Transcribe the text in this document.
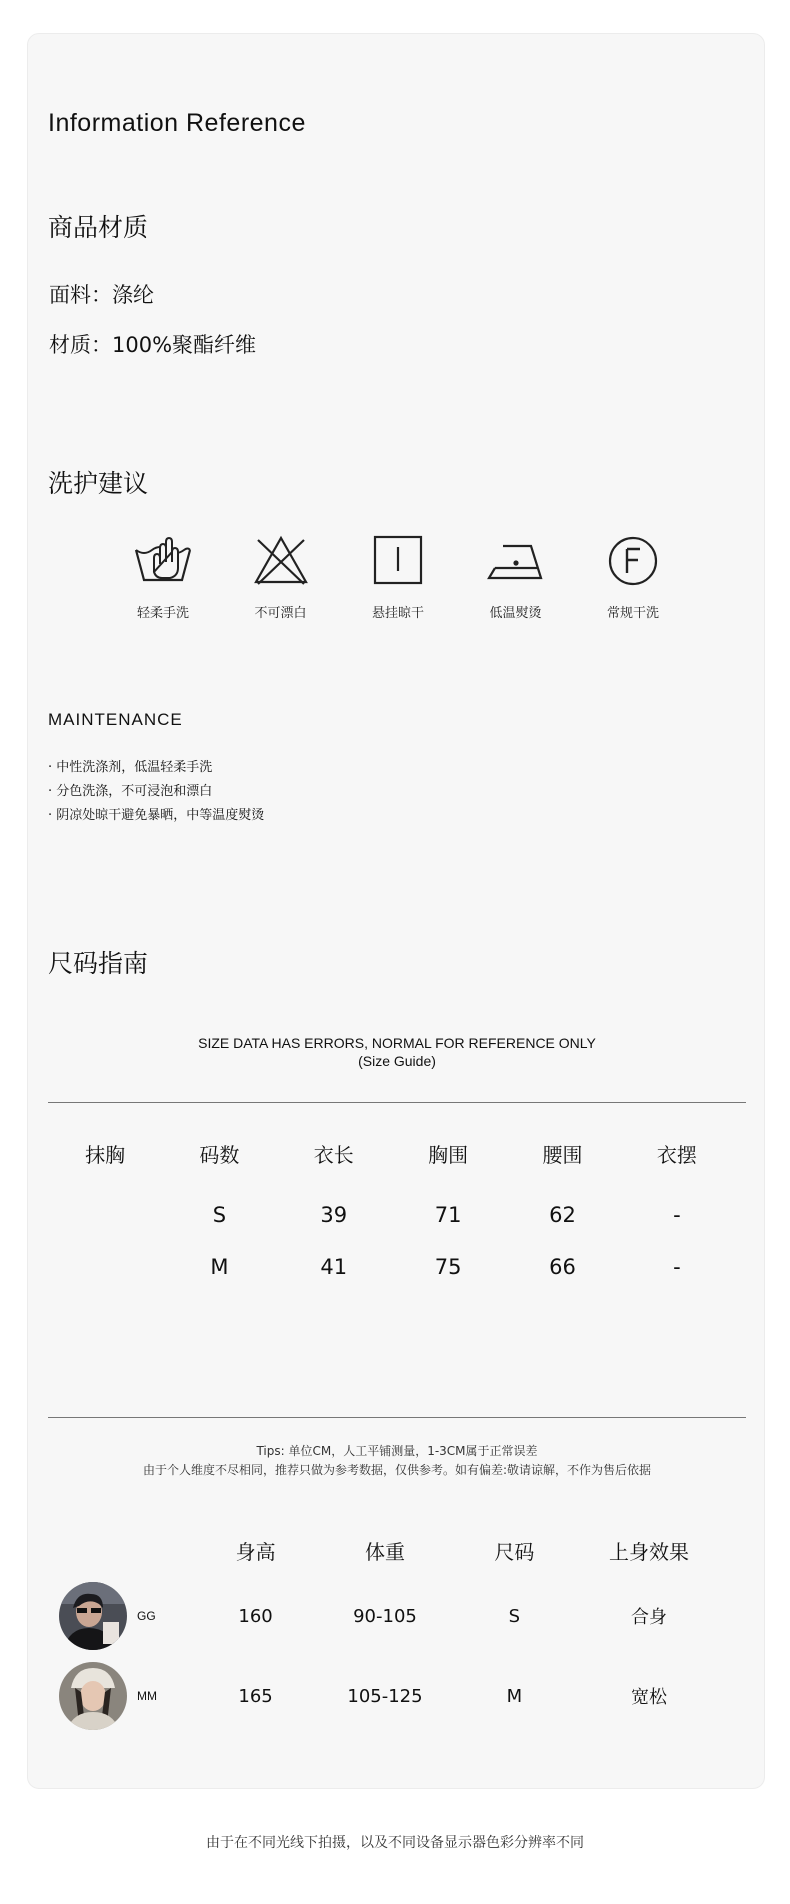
Information Reference
商品材质
面料：涤纶
材质：100%聚酯纤维
洗护建议
轻柔手洗	不可漂白	悬挂晾干	低温熨烫	常规干洗
MAINTENANCE
· 中性洗涤剂，低温轻柔手洗
· 分色洗涤，不可浸泡和漂白
· 阴凉处晾干避免暴晒，中等温度熨烫
尺码指南
SIZE DATA HAS ERRORS, NORMAL FOR REFERENCE ONLY
(Size Guide)
抹胸	码数	衣长	胸围	腰围	衣摆
	S	39	71	62	-
	M	41	75	66	-
Tips: 单位CM，人工平铺测量，1-3CM属于正常误差
由于个人维度不尽相同，推荐只做为参考数据，仅供参考。如有偏差:敬请谅解，不作为售后依据
	身高	体重	尺码	上身效果

GG	160	90-105	S	合身

MM	165	105-125	M	宽松
由于在不同光线下拍摄，以及不同设备显示器色彩分辨率不同
